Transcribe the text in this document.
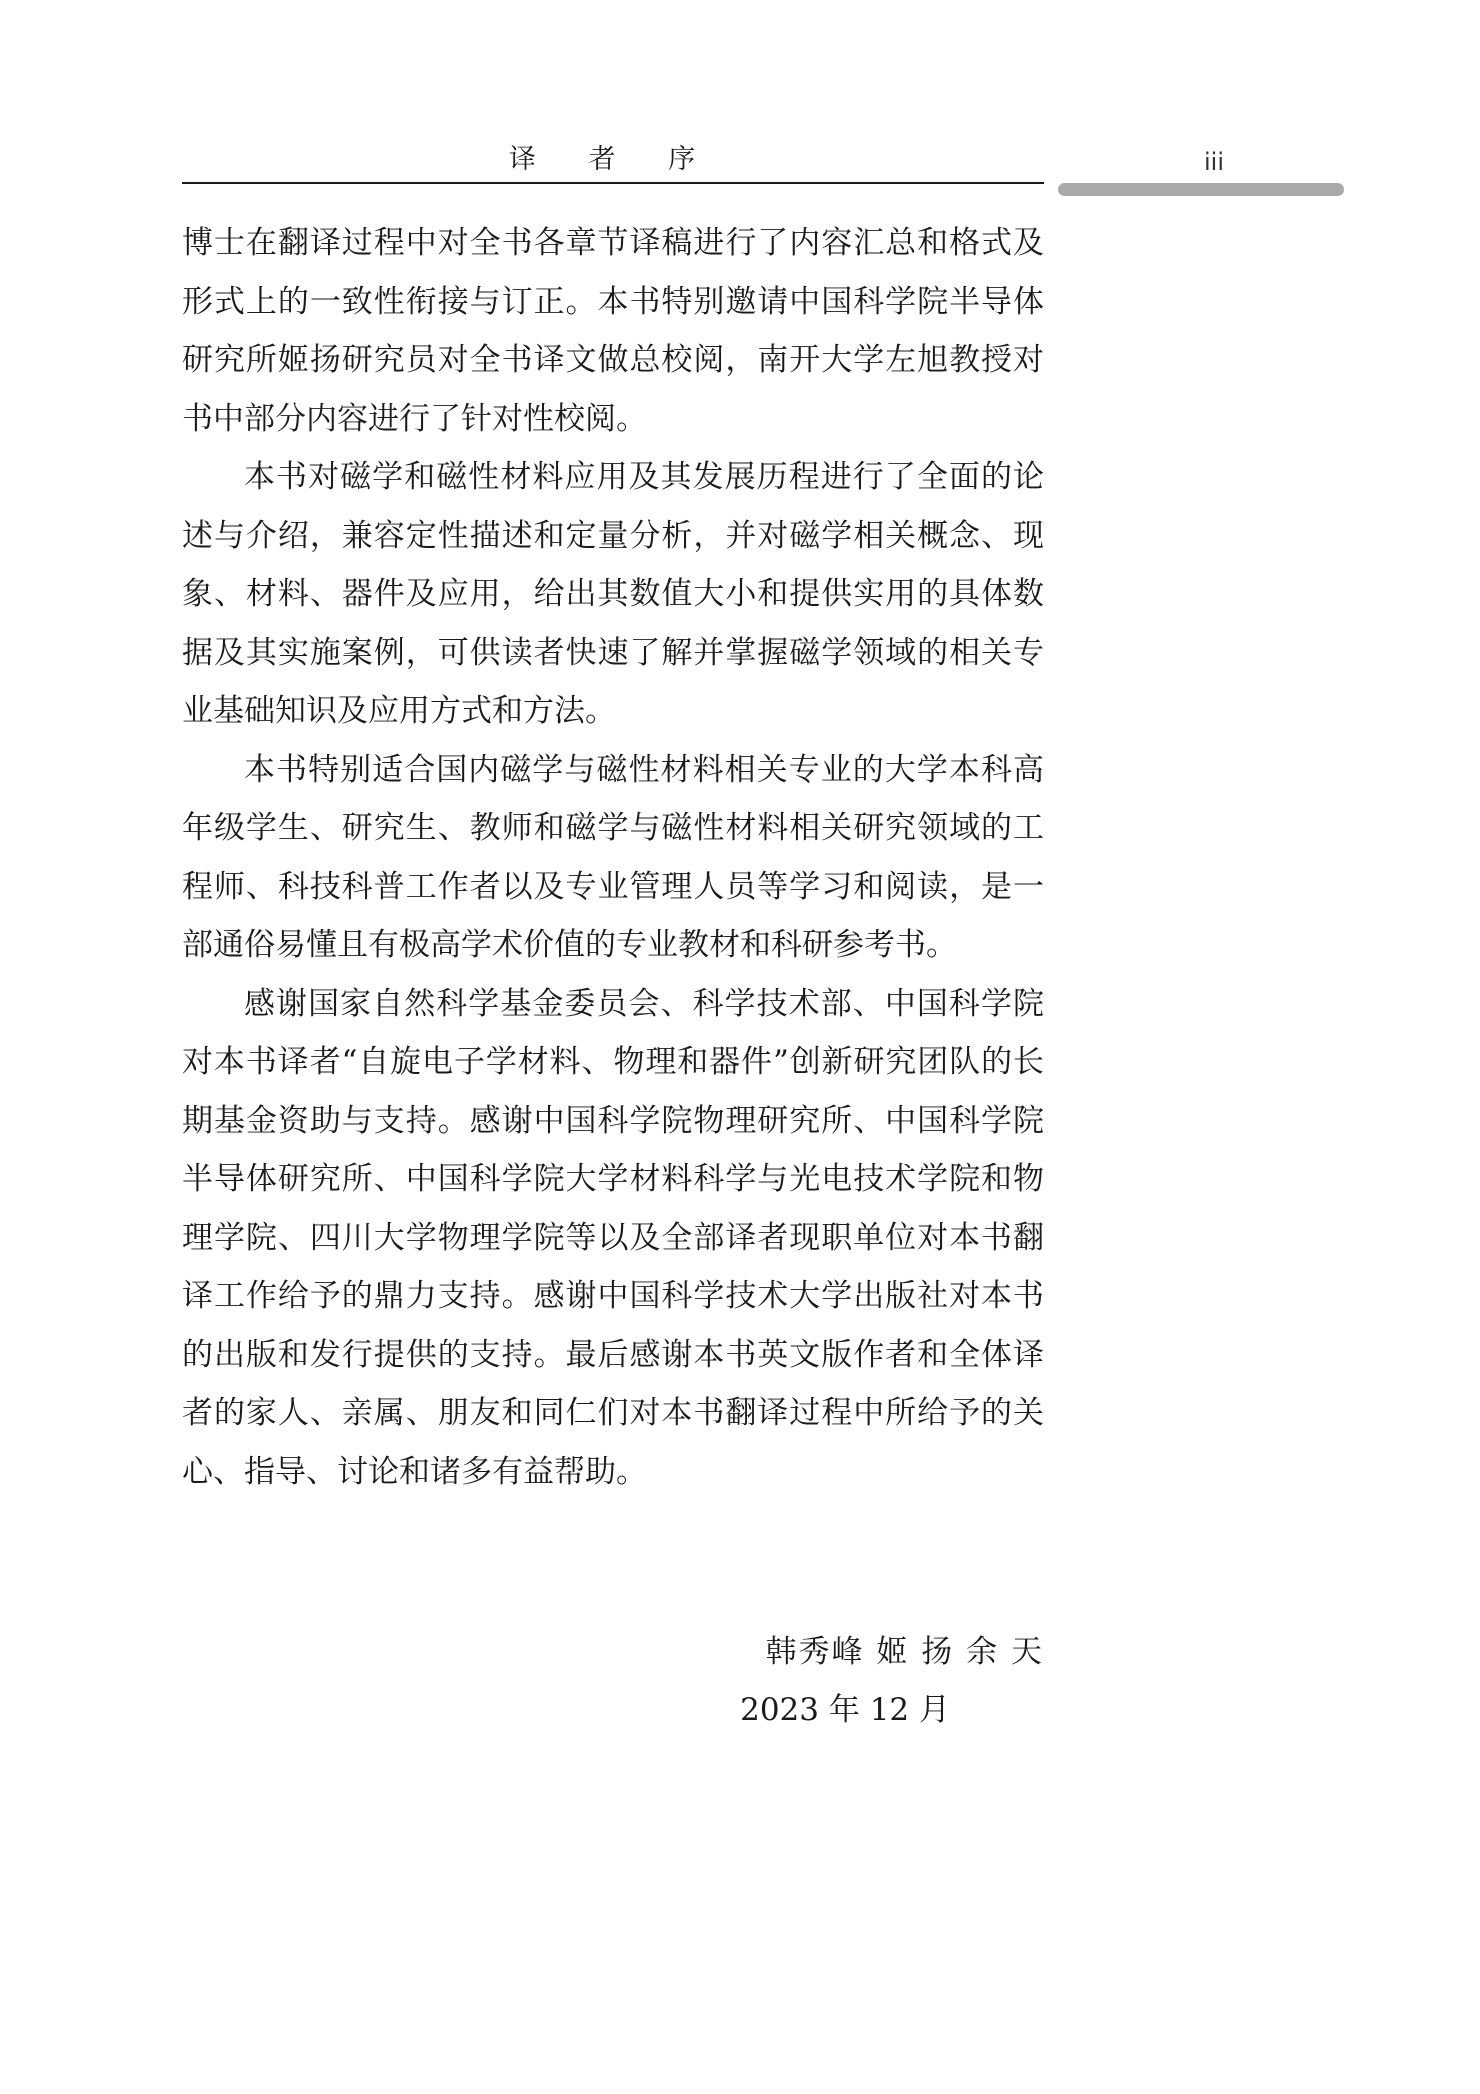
译 者 序	iii

博士在翻译过程中对全书各章节译稿进行了内容汇总和格式及形式上的一致性衔接与订正。本书特别邀请中国科学院半导体研究所姬扬研究员对全书译文做总校阅，南开大学左旭教授对书中部分内容进行了针对性校阅。

本书对磁学和磁性材料应用及其发展历程进行了全面的论述与介绍，兼容定性描述和定量分析，并对磁学相关概念、现象、材料、器件及应用，给出其数值大小和提供实用的具体数据及其实施案例，可供读者快速了解并掌握磁学领域的相关专业基础知识及应用方式和方法。

本书特别适合国内磁学与磁性材料相关专业的大学本科高年级学生、研究生、教师和磁学与磁性材料相关研究领域的工程师、科技科普工作者以及专业管理人员等学习和阅读，是一部通俗易懂且有极高学术价值的专业教材和科研参考书。

感谢国家自然科学基金委员会、科学技术部、中国科学院对本书译者“自旋电子学材料、物理和器件”创新研究团队的长期基金资助与支持。感谢中国科学院物理研究所、中国科学院半导体研究所、中国科学院大学材料科学与光电技术学院和物理学院、四川大学物理学院等以及全部译者现职单位对本书翻译工作给予的鼎力支持。感谢中国科学技术大学出版社对本书的出版和发行提供的支持。最后感谢本书英文版作者和全体译者的家人、亲属、朋友和同仁们对本书翻译过程中所给予的关心、指导、讨论和诸多有益帮助。

韩秀峰 姬 扬 余 天
2023 年 12 月
